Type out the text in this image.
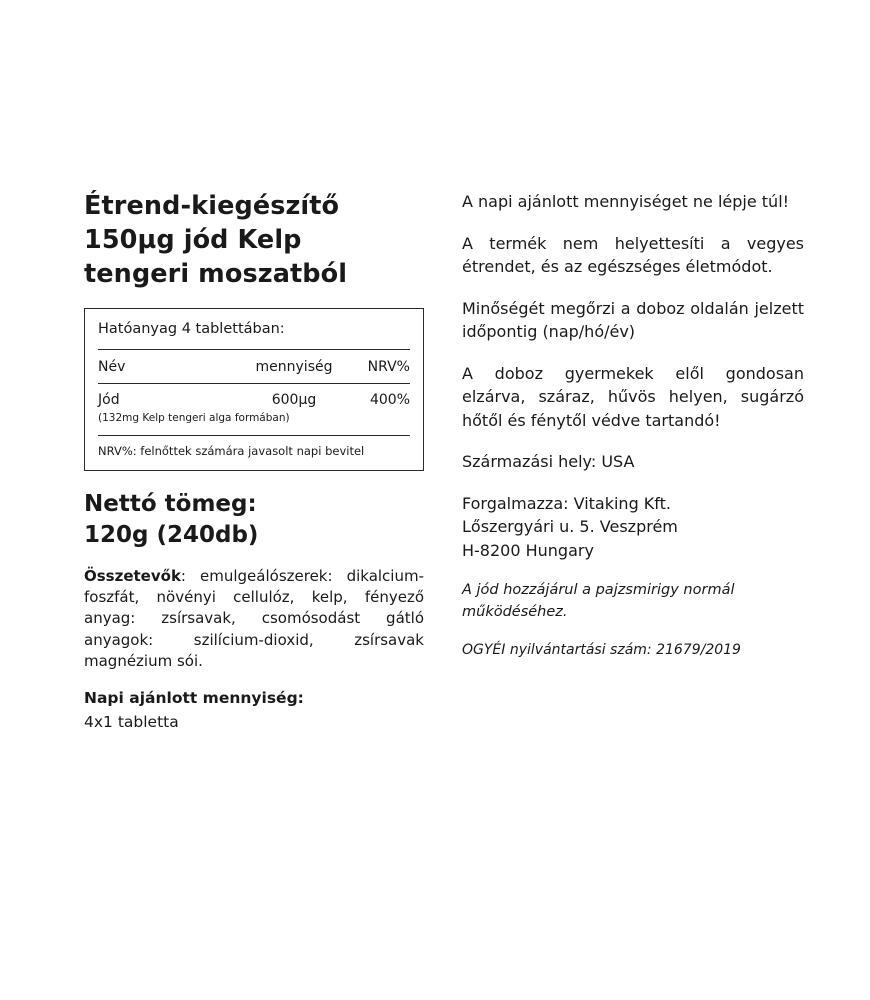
Étrend-kiegészítő
150µg jód Kelp
tengeri moszatból
Hatóanyag 4 tablettában:
Név	mennyiség	NRV%
Jód	600µg	400%
(132mg Kelp tengeri alga formában)
NRV%: felnőttek számára javasolt napi bevitel
Nettó tömeg:
120g (240db)

Összetevők: emulgeálószerek: dikalcium-foszfát, növényi cellulóz, kelp, fényező anyag: zsírsavak, csomósodást gátló anyagok: szilícium-dioxid, zsírsavak magnézium sói.

Napi ajánlott mennyiség:

4x1 tabletta

A napi ajánlott mennyiséget ne lépje túl!

A termék nem helyettesíti a vegyes étrendet, és az egészséges életmódot.

Minőségét megőrzi a doboz oldalán jelzett időpontig (nap/hó/év)

A doboz gyermekek elől gondosan elzárva, száraz, hűvös helyen, sugárzó hőtől és fénytől védve tartandó!

Származási hely: USA

Forgalmazza: Vitaking Kft.
Lőszergyári u. 5. Veszprém
H-8200 Hungary

A jód hozzájárul a pajzsmirigy normál működéséhez.

OGYÉI nyilvántartási szám: 21679/2019
